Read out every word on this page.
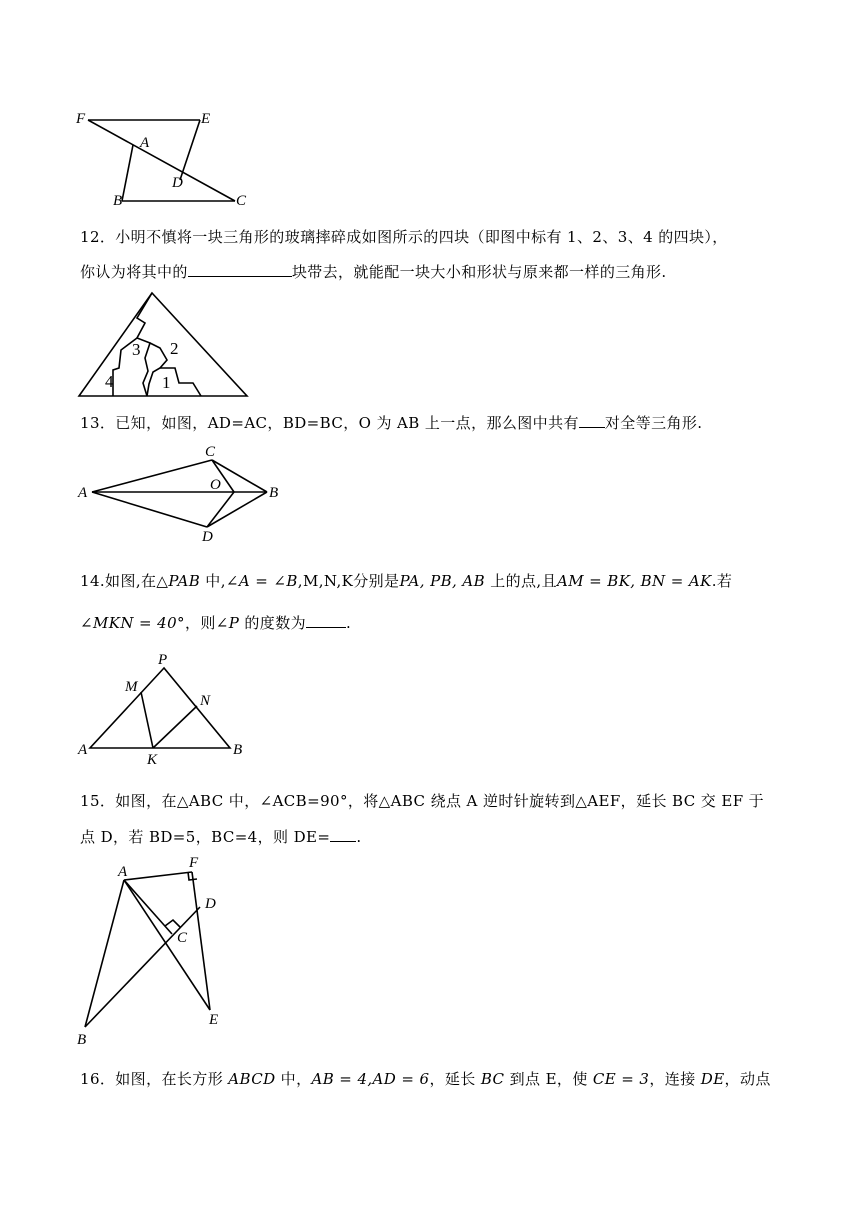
F	E
A
D
B	C
12．小明不慎将一块三角形的玻璃摔碎成如图所示的四块（即图中标有 1、2、3、4 的四块），
你认为将其中的	块带去，就能配一块大小和形状与原来都一样的三角形.
3 2
4	1
13．已知，如图，AD=AC，BD=BC，O 为 AB 上一点，那么图中共有 对全等三角形.
C
A	O	B
D
14.如图,在△PAB 中,∠A = ∠B,M,N,K分别是PA, PB, AB 上的点,且AM = BK, BN = AK.若
∠MKN = 40°，则∠P 的度数为	.
P
M
N
A
K
B
15．如图，在△ABC 中，∠ACB=90°，将△ABC 绕点 A 逆时针旋转到△AEF，延长 BC 交 EF 于
点 D，若 BD=5，BC=4，则 DE= .
A
F
D
C
B
E
16．如图，在长方形 ABCD 中，AB = 4,AD = 6，延长 BC 到点 E，使 CE = 3，连接 DE，动点
